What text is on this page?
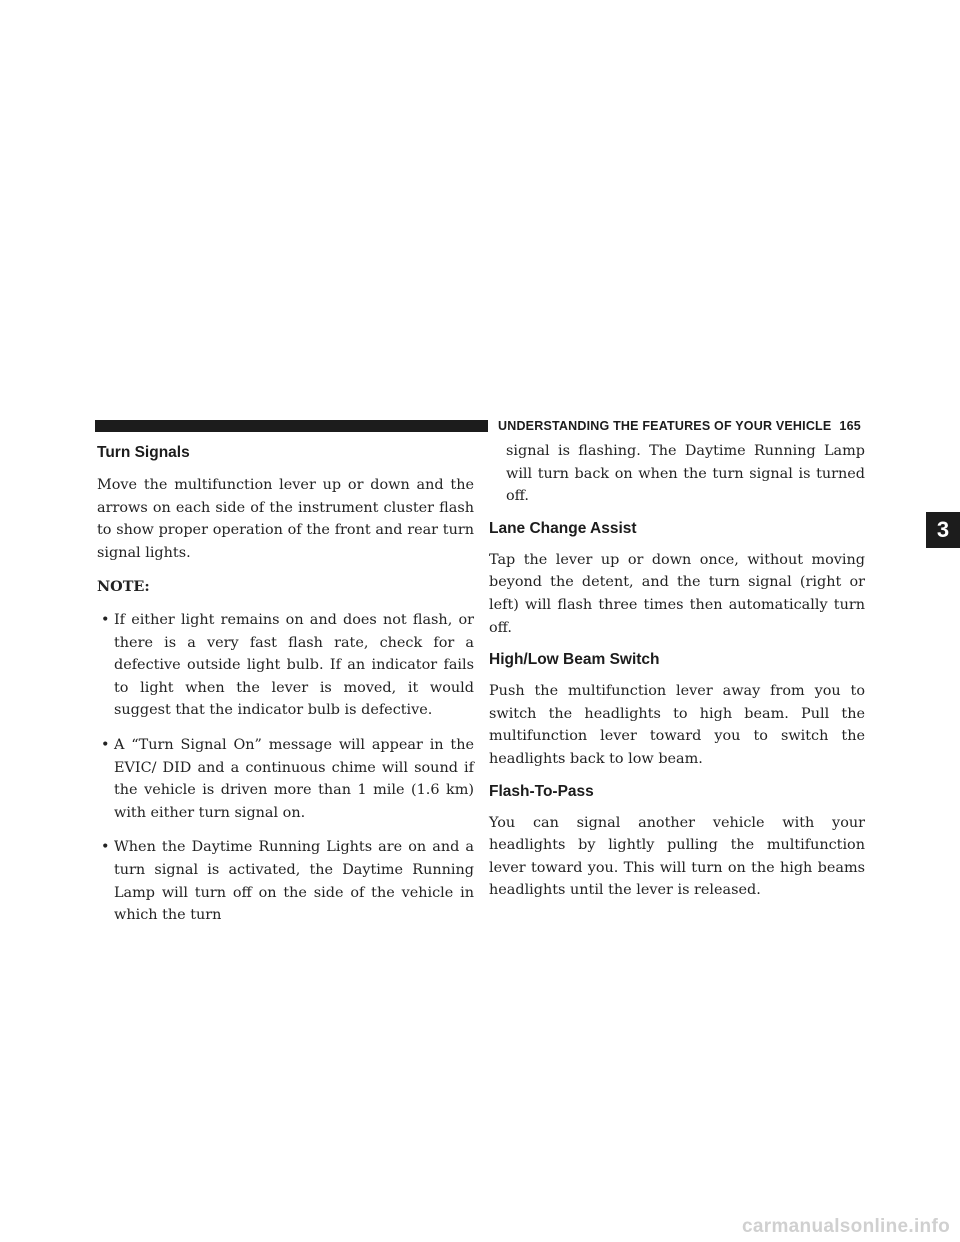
UNDERSTANDING THE FEATURES OF YOUR VEHICLE 165
3
Turn Signals

Move the multifunction lever up or down and the arrows on each side of the instrument cluster flash to show proper operation of the front and rear turn signal lights.

NOTE:

• If either light remains on and does not flash, or there is a very fast flash rate, check for a defective outside light bulb. If an indicator fails to light when the lever is moved, it would suggest that the indicator bulb is defective.
• A “Turn Signal On” message will appear in the EVIC/ DID and a continuous chime will sound if the vehicle is driven more than 1 mile (1.6 km) with either turn signal on.
• When the Daytime Running Lights are on and a turn signal is activated, the Daytime Running Lamp will turn off on the side of the vehicle in which the turn
signal is flashing. The Daytime Running Lamp will turn back on when the turn signal is turned off.
Lane Change Assist

Tap the lever up or down once, without moving beyond the detent, and the turn signal (right or left) will flash three times then automatically turn off.

High/Low Beam Switch

Push the multifunction lever away from you to switch the headlights to high beam. Pull the multifunction lever toward you to switch the headlights back to low beam.

Flash-To-Pass

You can signal another vehicle with your headlights by lightly pulling the multifunction lever toward you. This will turn on the high beams headlights until the lever is released.

carmanualsonline.info
